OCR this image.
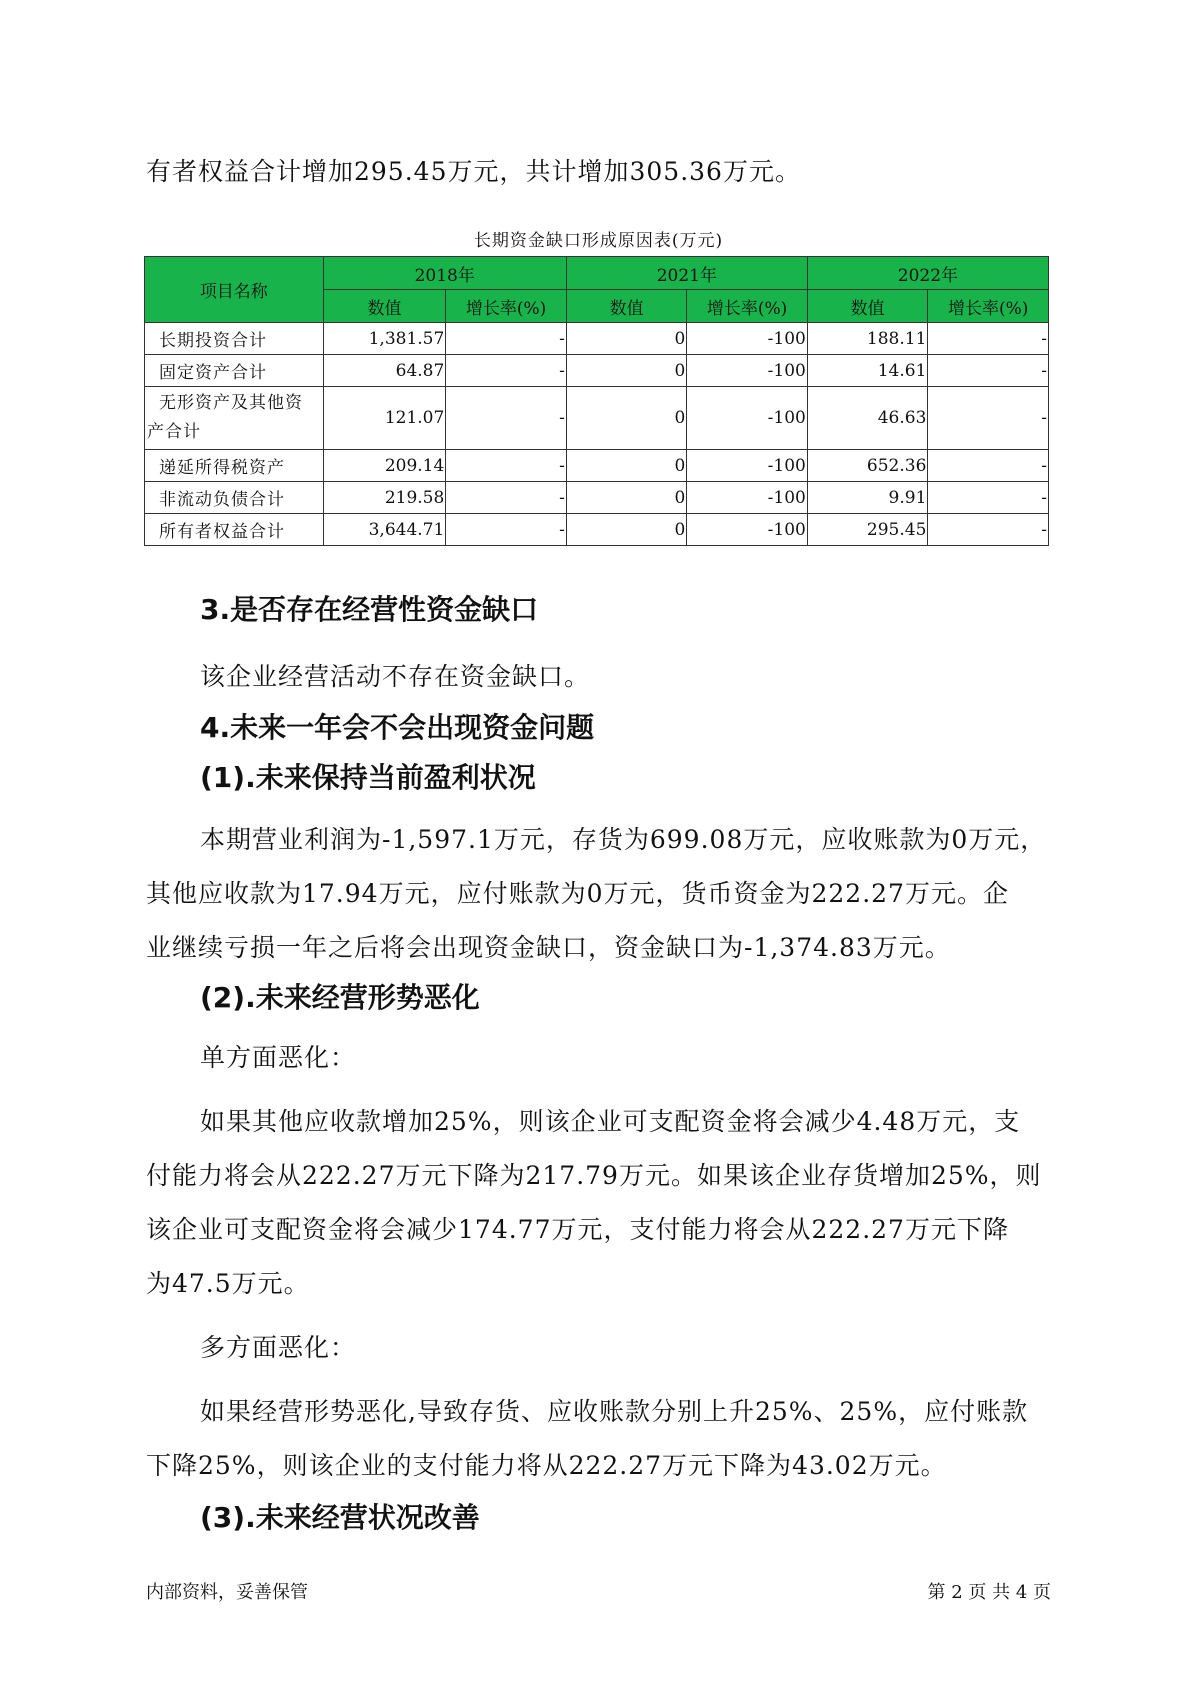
有者权益合计增加295.45万元，共计增加305.36万元。

长期资金缺口形成原因表(万元)
项目名称	2018年		2021年		2022年	
	数值	增长率(%)	数值	增长率(%)	数值	增长率(%)
长期投资合计	1,381.57	-	0	-100	188.11	-
固定资产合计	64.87	-	0	-100	14.61	-
无形资产及其他资
产合计	121.07	-	0	-100	46.63	-
递延所得税资产	209.14	-	0	-100	652.36	-
非流动负债合计	219.58	-	0	-100	9.91	-
所有者权益合计	3,644.71	-	0	-100	295.45	-
3.是否存在经营性资金缺口

该企业经营活动不存在资金缺口。

4.未来一年会不会出现资金问题
(1).未来保持当前盈利状况

本期营业利润为-1,597.1万元，存货为699.08万元，应收账款为0万元，

其他应收款为17.94万元，应付账款为0万元，货币资金为222.27万元。企

业继续亏损一年之后将会出现资金缺口，资金缺口为-1,374.83万元。

(2).未来经营形势恶化

单方面恶化：

如果其他应收款增加25%，则该企业可支配资金将会减少4.48万元，支

付能力将会从222.27万元下降为217.79万元。如果该企业存货增加25%，则

该企业可支配资金将会减少174.77万元，支付能力将会从222.27万元下降

为47.5万元。

多方面恶化：

如果经营形势恶化,导致存货、应收账款分别上升25%、25%，应付账款

下降25%，则该企业的支付能力将从222.27万元下降为43.02万元。

(3).未来经营状况改善
内部资料，妥善保管	第 2 页 共 4 页
